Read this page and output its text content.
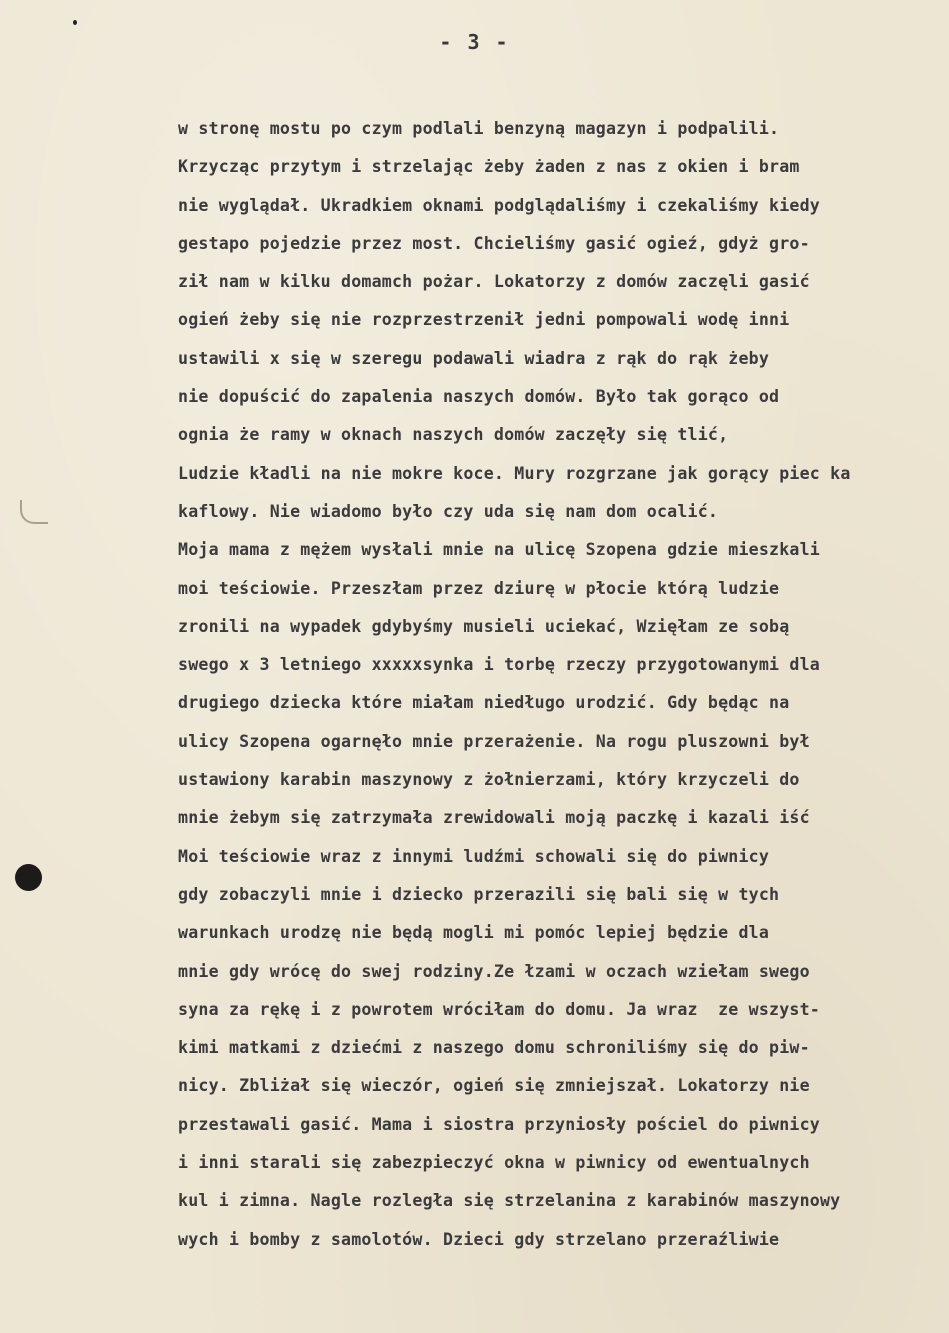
- 3 -
w stronę mostu po czym podlali benzyną magazyn i podpalili.
Krzycząc przytym i strzelając żeby żaden z nas z okien i bram
nie wyglądał. Ukradkiem oknami podglądaliśmy i czekaliśmy kiedy
gestapo pojedzie przez most. Chcieliśmy gasić ogieź, gdyż gro-
ził nam w kilku domamch pożar. Lokatorzy z domów zaczęli gasić
ogień żeby się nie rozprzestrzenił jedni pompowali wodę inni
ustawili x się w szeregu podawali wiadra z rąk do rąk żeby
nie dopuścić do zapalenia naszych domów. Było tak gorąco od
ognia że ramy w oknach naszych domów zaczęły się tlić,
Ludzie kładli na nie mokre koce. Mury rozgrzane jak gorący piec ka
kaflowy. Nie wiadomo było czy uda się nam dom ocalić.
Moja mama z mężem wysłali mnie na ulicę Szopena gdzie mieszkali
moi teściowie. Przeszłam przez dziurę w płocie którą ludzie
zronili na wypadek gdybyśmy musieli uciekać, Wzięłam ze sobą
swego x 3 letniego xxxxxsynka i torbę rzeczy przygotowanymi dla
drugiego dziecka które miałam niedługo urodzić. Gdy będąc na
ulicy Szopena ogarnęło mnie przerażenie. Na rogu pluszowni był
ustawiony karabin maszynowy z żołnierzami, który krzyczeli do
mnie żebym się zatrzymała zrewidowali moją paczkę i kazali iść
Moi teściowie wraz z innymi ludźmi schowali się do piwnicy
gdy zobaczyli mnie i dziecko przerazili się bali się w tych
warunkach urodzę nie będą mogli mi pomóc lepiej będzie dla
mnie gdy wrócę do swej rodziny.Ze łzami w oczach wziełam swego
syna za rękę i z powrotem wróciłam do domu. Ja wraz  ze wszyst-
kimi matkami z dziećmi z naszego domu schroniliśmy się do piw-
nicy. Zbliżał się wieczór, ogień się zmniejszał. Lokatorzy nie
przestawali gasić. Mama i siostra przyniosły pościel do piwnicy
i inni starali się zabezpieczyć okna w piwnicy od ewentualnych
kul i zimna. Nagle rozległa się strzelanina z karabinów maszynowy
wych i bomby z samolotów. Dzieci gdy strzelano przeraźliwie
